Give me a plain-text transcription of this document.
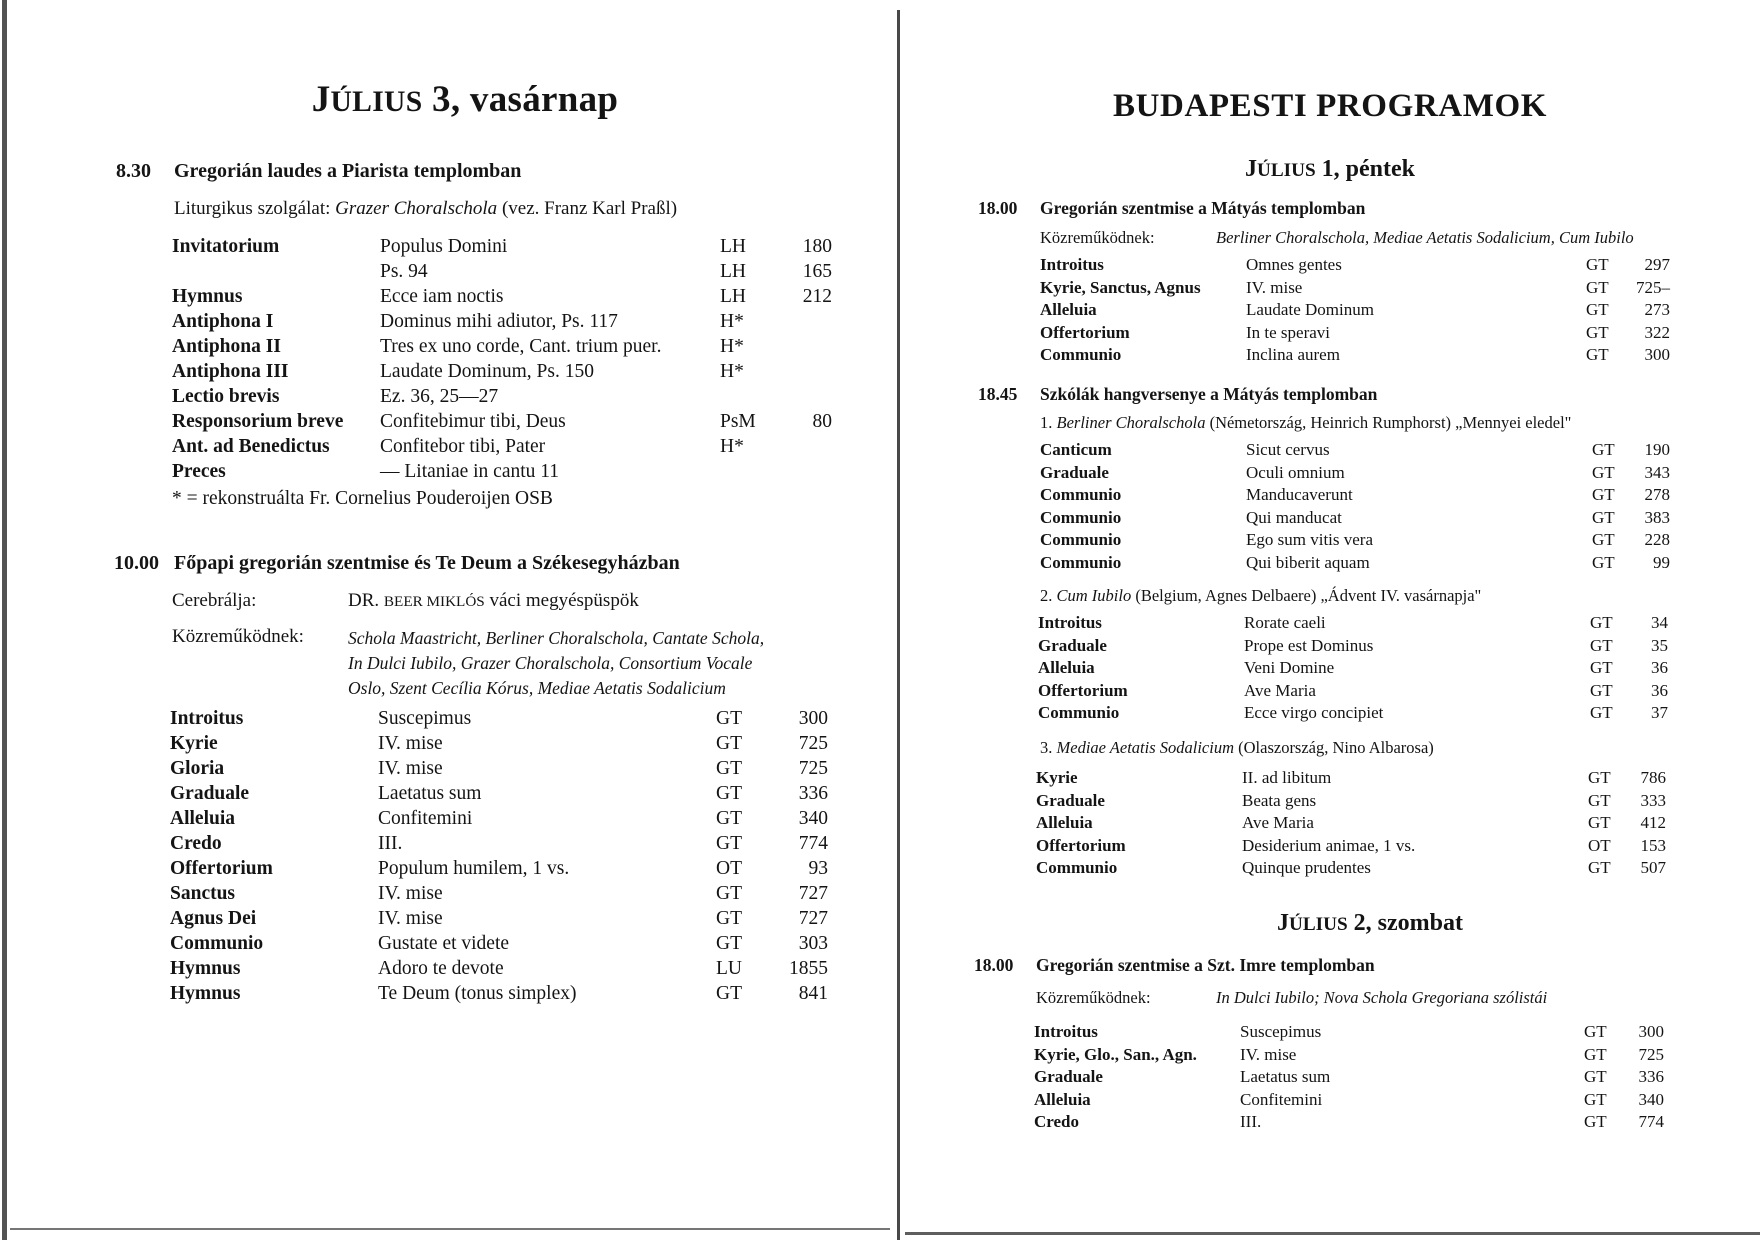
JÚLIUS 3, vasárnap
8.30	Gregorián laudes a Piarista templomban
Liturgikus szolgálat: Grazer Choralschola (vez. Franz Karl Praßl)
Invitatorium	Populus Domini	LH	180
	Ps. 94	LH	165
Hymnus	Ecce iam noctis	LH	212
Antiphona I	Dominus mihi adiutor, Ps. 117	H*	
Antiphona II	Tres ex uno corde, Cant. trium puer.	H*	
Antiphona III	Laudate Dominum, Ps. 150	H*	
Lectio brevis	Ez. 36, 25—27		
Responsorium breve	Confitebimur tibi, Deus	PsM	80
Ant. ad Benedictus	Confitebor tibi, Pater	H*	
Preces	— Litaniae in cantu 11		
* = rekonstruálta Fr. Cornelius Pouderoijen OSB
10.00 Főpapi gregorián szentmise és Te Deum a Székesegyházban
Cerebrálja:	DR. BEER MIKLÓS váci megyéspüspök
Közreműködnek:	Schola Maastricht, Berliner Choralschola, Cantate Schola,
In Dulci Iubilo, Grazer Choralschola, Consortium Vocale
Oslo, Szent Cecília Kórus, Mediae Aetatis Sodalicium
Introitus	Suscepimus	GT	300
Kyrie	IV. mise	GT	725
Gloria	IV. mise	GT	725
Graduale	Laetatus sum	GT	336
Alleluia	Confitemini	GT	340
Credo	III.	GT	774
Offertorium	Populum humilem, 1 vs.	OT	93
Sanctus	IV. mise	GT	727
Agnus Dei	IV. mise	GT	727
Communio	Gustate et videte	GT	303
Hymnus	Adoro te devote	LU	1855
Hymnus	Te Deum (tonus simplex)	GT	841
BUDAPESTI PROGRAMOK
JÚLIUS 1, péntek
18.00	Gregorián szentmise a Mátyás templomban
Közreműködnek:	Berliner Choralschola, Mediae Aetatis Sodalicium, Cum Iubilo
Introitus	Omnes gentes	GT	297
Kyrie, Sanctus, Agnus	IV. mise	GT	725–
Alleluia	Laudate Dominum	GT	273
Offertorium	In te speravi	GT	322
Communio	Inclina aurem	GT	300
18.45	Szkólák hangversenye a Mátyás templomban
1. Berliner Choralschola (Németország, Heinrich Rumphorst) „Mennyei eledel"
Canticum	Sicut cervus	GT	190
Graduale	Oculi omnium	GT	343
Communio	Manducaverunt	GT	278
Communio	Qui manducat	GT	383
Communio	Ego sum vitis vera	GT	228
Communio	Qui biberit aquam	GT	99
2. Cum Iubilo (Belgium, Agnes Delbaere) „Ádvent IV. vasárnapja"
Introitus	Rorate caeli	GT	34
Graduale	Prope est Dominus	GT	35
Alleluia	Veni Domine	GT	36
Offertorium	Ave Maria	GT	36
Communio	Ecce virgo concipiet	GT	37
3. Mediae Aetatis Sodalicium (Olaszország, Nino Albarosa)
Kyrie	II. ad libitum	GT	786
Graduale	Beata gens	GT	333
Alleluia	Ave Maria	GT	412
Offertorium	Desiderium animae, 1 vs.	OT	153
Communio	Quinque prudentes	GT	507
JÚLIUS 2, szombat
18.00	Gregorián szentmise a Szt. Imre templomban
Közreműködnek:	In Dulci Iubilo; Nova Schola Gregoriana szólistái
Introitus	Suscepimus	GT	300
Kyrie, Glo., San., Agn.	IV. mise	GT	725
Graduale	Laetatus sum	GT	336
Alleluia	Confitemini	GT	340
Credo	III.	GT	774
